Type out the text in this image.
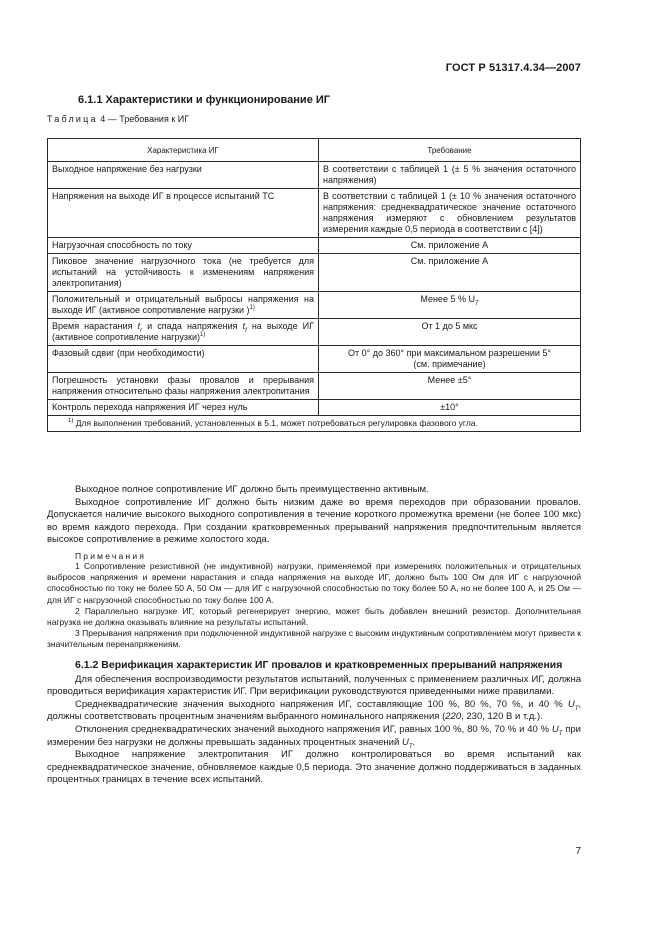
ГОСТ Р 51317.4.34—2007
6.1.1 Характеристики и функционирование ИГ
Таблица 4 — Требования к ИГ
Характеристика ИГ	Требование
Выходное напряжение без нагрузки	В соответствии с таблицей 1 (± 5 % значения остаточного напряжения)
Напряжения на выходе ИГ в процессе испытаний ТС	В соответствии с таблицей 1 (± 10 % значения остаточного напряжения: среднеквадратическое значение остаточного напряжения измеряют с обновлением результатов измерения каждые 0,5 периода в соответствии с [4])
Нагрузочная способность по току	См. приложение А
Пиковое значение нагрузочного тока (не требуется для испытаний на устойчивость к изменениям напряжения электропитания)	См. приложение А
Положительный и отрицательный выбросы напряжения на выходе ИГ (активное сопротивление нагрузки )$^{1)}$	Менее 5 % $U_T$
Время нарастания $t_r$ и спада напряжения $t_f$ на выходе ИГ (активное сопротивление нагрузки)$^{1)}$	От 1 до 5 мкс
Фазовый сдвиг (при необходимости)	От 0° до 360° при максимальном разрешении 5°
(см. примечание)

Погрешность установки фазы провалов и прерывания напряжения относительно фазы напряжения электропитания	Менее ±5°
Контроль перехода напряжения ИГ через нуль	±10°
$^{1)}$ Для выполнения требований, установленных в 5.1, может потребоваться регулировка фазового угла.	

Выходное полное сопротивление ИГ должно быть преимущественно активным.

Выходное сопротивление ИГ должно быть низким даже во время переходов при образовании провалов. Допускается наличие высокого выходного сопротивления в течение короткого промежутка времени (не более 100 мкс) во время каждого перехода. При создании кратковременных прерываний напряжения предпочтительным является высокое сопротивление в режиме холостого хода.

Примечания

1 Сопротивление резистивной (не индуктивной) нагрузки, применяемой при измерениях положительных и отрицательных выбросов напряжения и времени нарастания и спада напряжения на выходе ИГ, должно быть 100 Ом для ИГ с нагрузочной способностью по току не более 50 А, 50 Ом — для ИГ с нагрузочной способностью по току более 50 А, но не более 100 А, и 25 Ом — для ИГ с нагрузочной способностью по току более 100 А.

2 Параллельно нагрузке ИГ, который регенерирует энергию, может быть добавлен внешний резистор. Дополнительная нагрузка не должна оказывать влияние на результаты испытаний.

3 Прерывания напряжения при подключенной индуктивной нагрузке с высоким индуктивным сопротивлением могут привести к значительным перенапряжениям.

6.1.2 Верификация характеристик ИГ провалов и кратковременных прерываний напряжения

Для обеспечения воспроизводимости результатов испытаний, полученных с применением различных ИГ, должна проводиться верификация характеристик ИГ. При верификации руководствуются приведенными ниже правилами.

Среднеквадратические значения выходного напряжения ИГ, составляющие 100 %, 80 %, 70 %, и 40 % $U_T$, должны соответствовать процентным значениям выбранного номинального напряжения (220, 230, 120 В и т.д.).

Отклонения среднеквадратических значений выходного напряжения ИГ, равных 100 %, 80 %, 70 % и 40 % $U_T$ при измерении без нагрузки не должны превышать заданных процентных значений $U_T$.

Выходное напряжение электропитания ИГ должно контролироваться во время испытаний как среднеквадратическое значение, обновляемое каждые 0,5 периода. Это значение должно поддерживаться в заданных процентных границах в течение всех испытаний.

7
